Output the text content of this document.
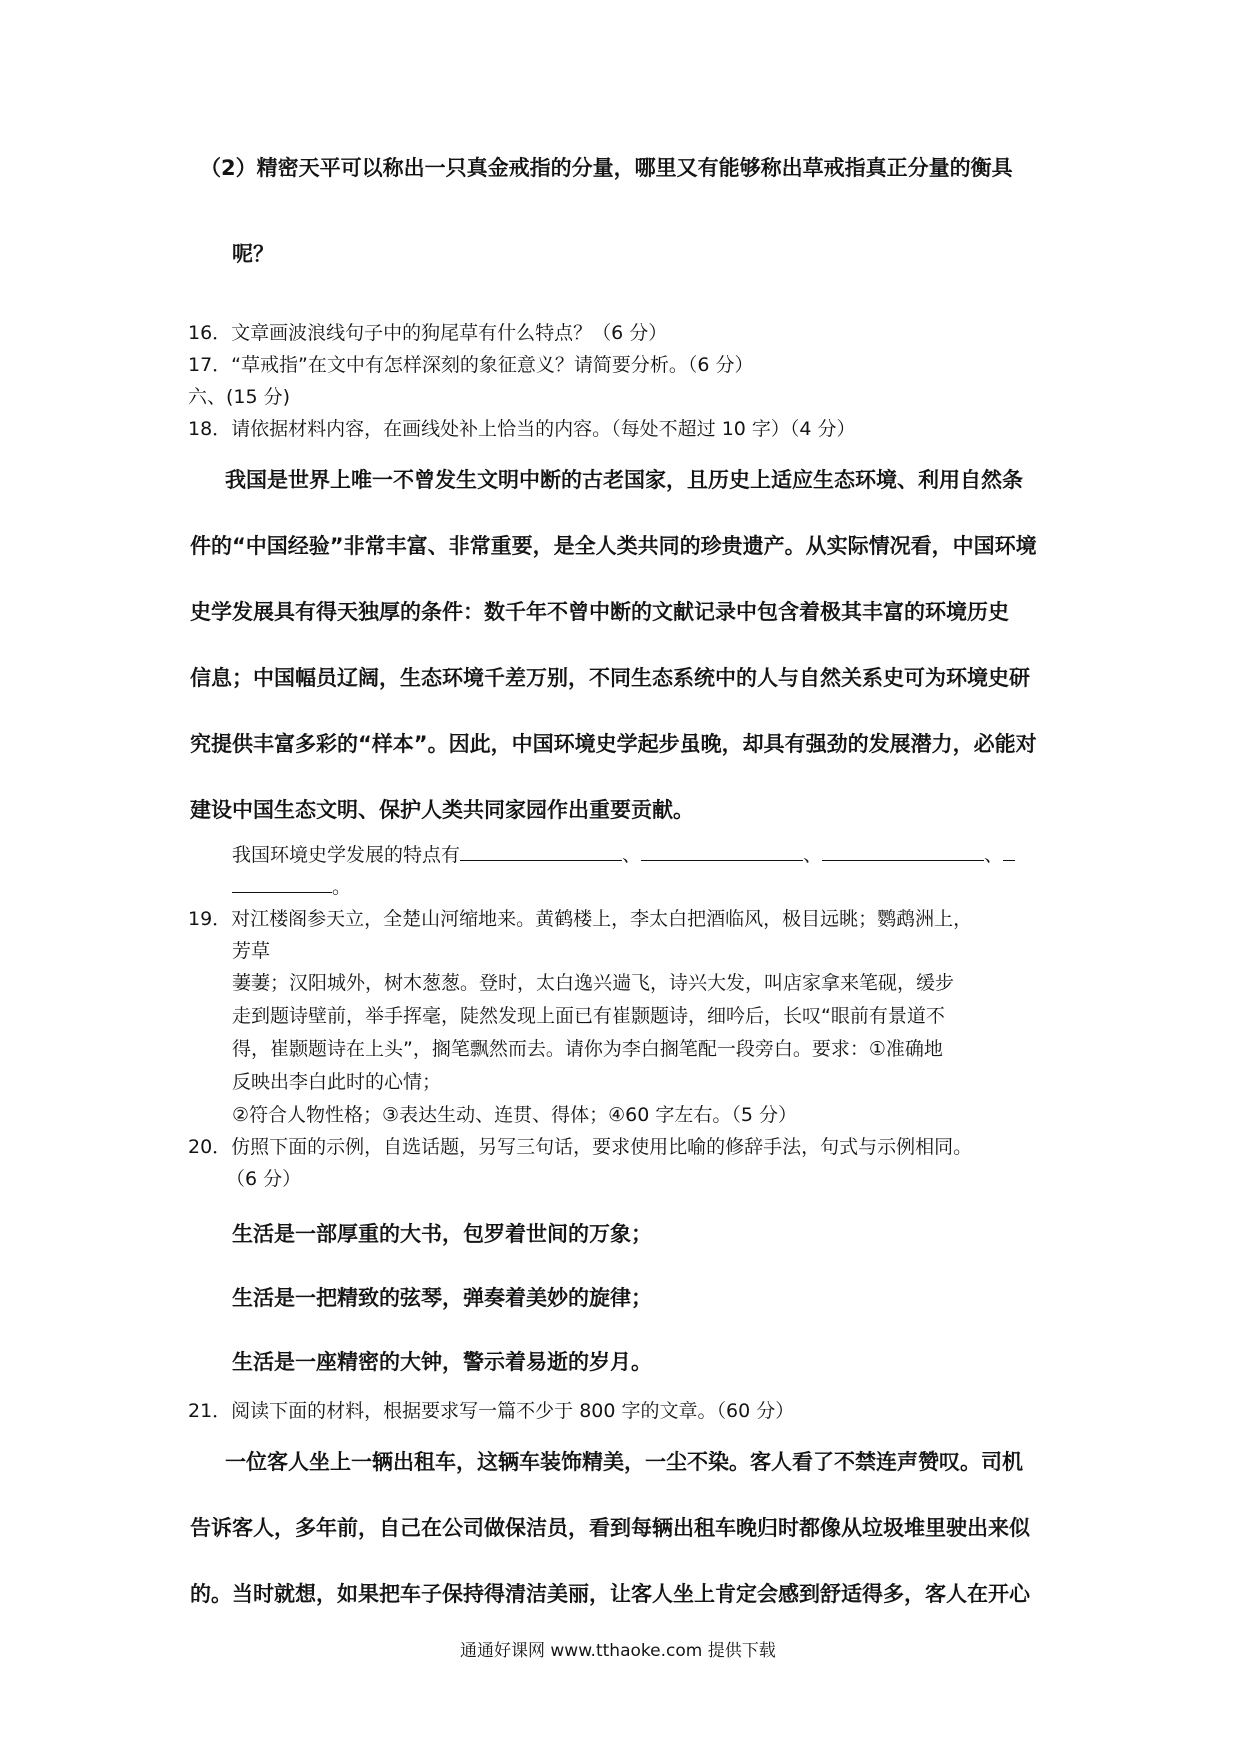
（2）精密天平可以称出一只真金戒指的分量，哪里又有能够称出草戒指真正分量的衡具
呢？
16．文章画波浪线句子中的狗尾草有什么特点？（6 分）
17．“草戒指”在文中有怎样深刻的象征意义？请简要分析。（6 分）
六、(15 分)
18．请依据材料内容，在画线处补上恰当的内容。（每处不超过 10 字）（4 分）
我国是世界上唯一不曾发生文明中断的古老国家，且历史上适应生态环境、利用自然条
件的“中国经验”非常丰富、非常重要，是全人类共同的珍贵遗产。从实际情况看，中国环境
史学发展具有得天独厚的条件：数千年不曾中断的文献记录中包含着极其丰富的环境历史
信息；中国幅员辽阔，生态环境千差万别，不同生态系统中的人与自然关系史可为环境史研
究提供丰富多彩的“样本”。因此，中国环境史学起步虽晚，却具有强劲的发展潜力，必能对
建设中国生态文明、保护人类共同家园作出重要贡献。
我国环境史学发展的特点有	、	、	、
。
19．对江楼阁参天立，全楚山河缩地来。黄鹤楼上，李太白把酒临风，极目远眺；鹦鹉洲上，
芳草
萋萋；汉阳城外，树木葱葱。登时，太白逸兴遄飞，诗兴大发，叫店家拿来笔砚，缓步
走到题诗壁前，举手挥毫，陡然发现上面已有崔颢题诗，细吟后，长叹“眼前有景道不
得，崔颢题诗在上头”，搁笔飘然而去。请你为李白搁笔配一段旁白。要求：①准确地
反映出李白此时的心情；
②符合人物性格；③表达生动、连贯、得体；④60 字左右。（5 分）
20．仿照下面的示例，自选话题，另写三句话，要求使用比喻的修辞手法，句式与示例相同。
（6 分）
生活是一部厚重的大书，包罗着世间的万象；
生活是一把精致的弦琴，弹奏着美妙的旋律；
生活是一座精密的大钟，警示着易逝的岁月。
21．阅读下面的材料，根据要求写一篇不少于 800 字的文章。（60 分）
一位客人坐上一辆出租车，这辆车装饰精美，一尘不染。客人看了不禁连声赞叹。司机
告诉客人，多年前，自己在公司做保洁员，看到每辆出租车晚归时都像从垃圾堆里驶出来似
的。当时就想，如果把车子保持得清洁美丽，让客人坐上肯定会感到舒适得多，客人在开心
通通好课网 www.tthaoke.com 提供下载
